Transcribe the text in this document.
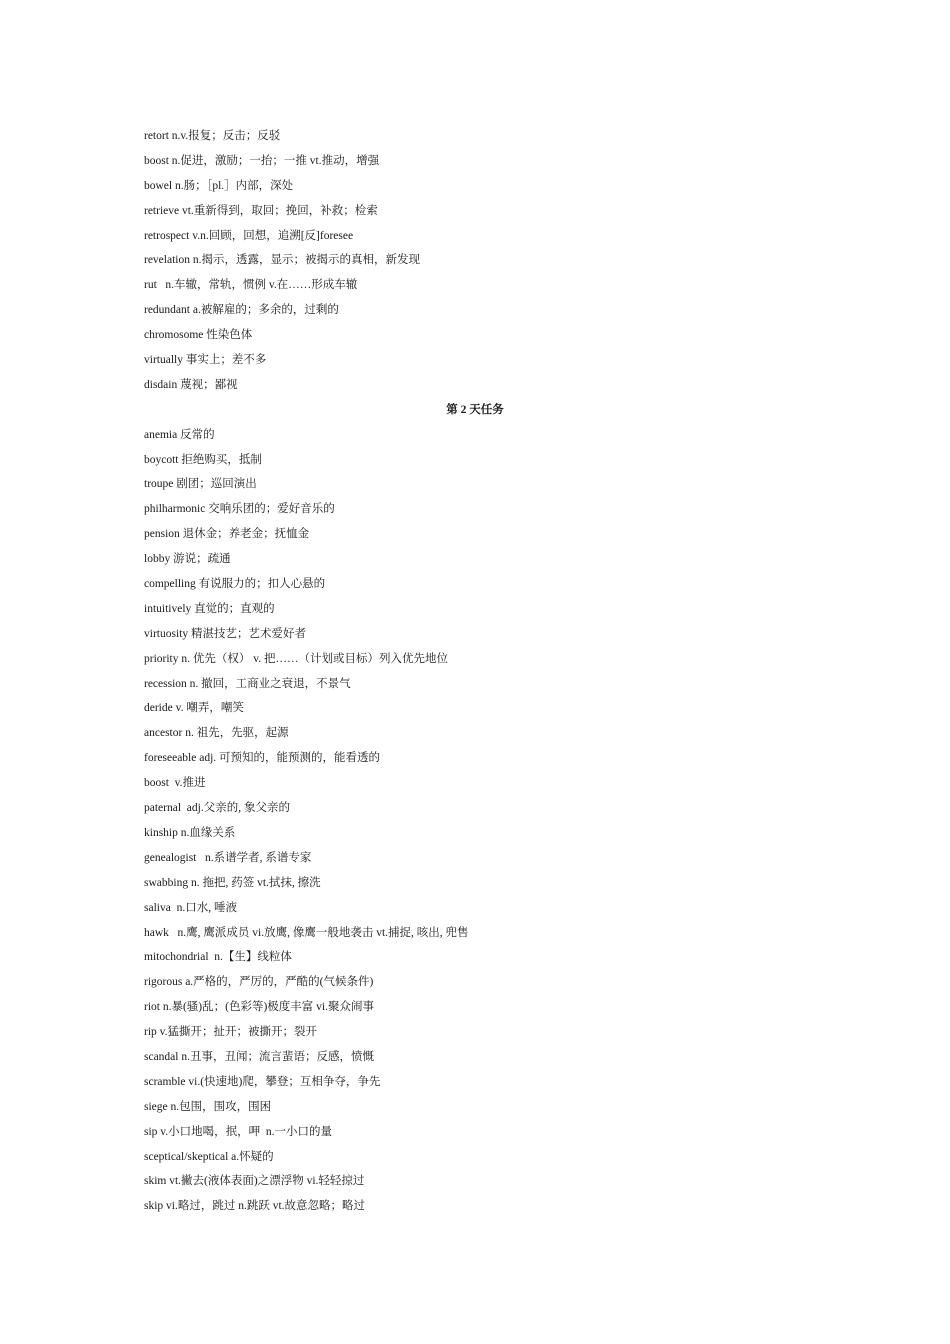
retort n.v.报复；反击；反驳
boost n.促进，激励；一抬；一推 vt.推动，增强
bowel n.肠；［pl.］内部，深处
retrieve vt.重新得到，取回；挽回，补救；检索
retrospect v.n.回顾，回想，追溯[反]foresee
revelation n.揭示，透露，显示；被揭示的真相，新发现
rut   n.车辙，常轨，惯例 v.在……形成车辙
redundant a.被解雇的；多余的，过剩的
chromosome 性染色体
virtually 事实上；差不多
disdain 蔑视；鄙视
第 2 天任务
anemia 反常的
boycott 拒绝购买，抵制
troupe 剧团；巡回演出
philharmonic 交响乐团的；爱好音乐的
pension 退休金；养老金；抚恤金
lobby 游说；疏通
compelling 有说服力的；扣人心悬的
intuitively 直觉的；直观的
virtuosity 精湛技艺；艺术爱好者
priority n. 优先（权） v. 把……（计划或目标）列入优先地位
recession n. 撤回，工商业之衰退，不景气
deride v. 嘲弄，嘲笑
ancestor n. 祖先，先驱，起源
foreseeable adj. 可预知的，能预测的，能看透的
boost  v.推进
paternal  adj.父亲的, 象父亲的
kinship n.血缘关系
genealogist   n.系谱学者, 系谱专家
swabbing n. 拖把, 药签 vt.拭抹, 擦洗
saliva  n.口水, 唾液
hawk   n.鹰, 鹰派成员 vi.放鹰, 像鹰一般地袭击 vt.捕捉, 咳出, 兜售
mitochondrial  n.【生】线粒体
rigorous a.严格的，严厉的，严酷的(气候条件)
riot n.暴(骚)乱；(色彩等)极度丰富 vi.聚众闹事
rip v.猛撕开；扯开；被撕开；裂开
scandal n.丑事，丑闻；流言蜚语；反感，愤慨
scramble vi.(快速地)爬，攀登；互相争夺，争先
siege n.包围，围攻，围困
sip v.小口地喝，抿，呷  n.一小口的量
sceptical/skeptical a.怀疑的
skim vt.撇去(液体表面)之漂浮物 vi.轻轻掠过
skip vi.略过，跳过 n.跳跃 vt.故意忽略；略过
